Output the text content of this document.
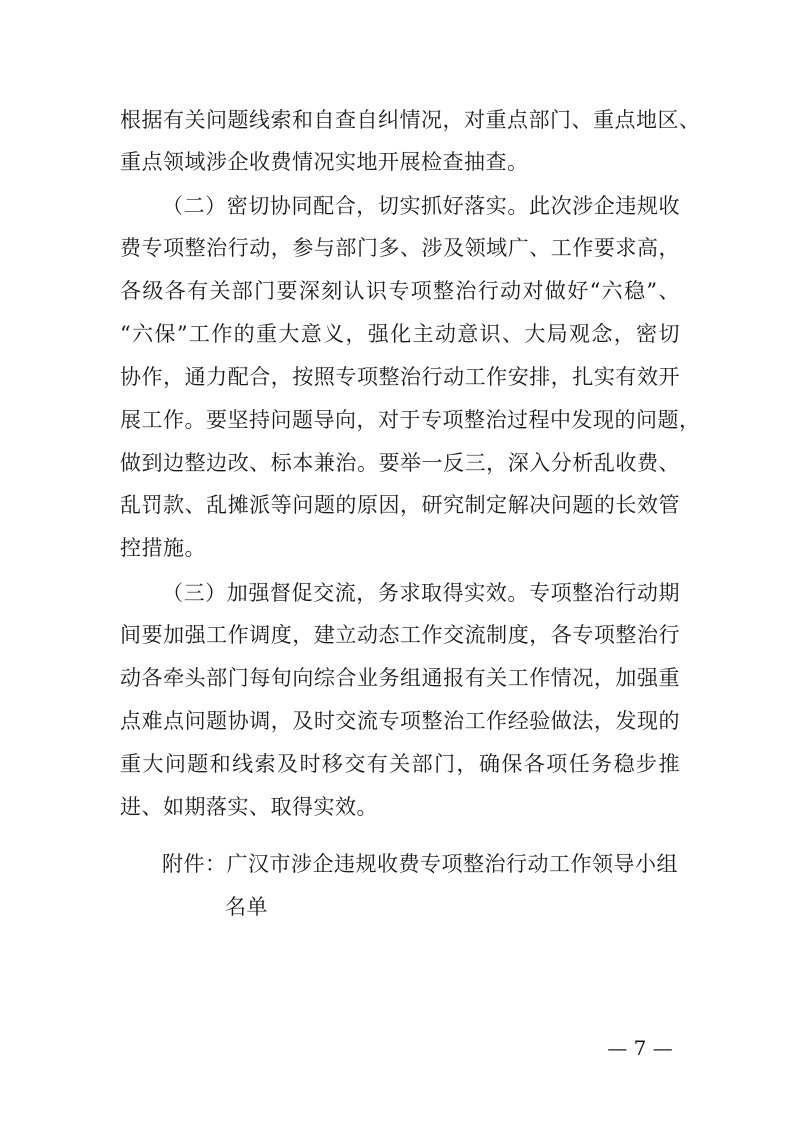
根据有关问题线索和自查自纠情况，对重点部门、重点地区、
重点领域涉企收费情况实地开展检查抽查。
（二）密切协同配合，切实抓好落实。此次涉企违规收
费专项整治行动，参与部门多、涉及领域广、工作要求高，
各级各有关部门要深刻认识专项整治行动对做好“六稳”、
“六保”工作的重大意义，强化主动意识、大局观念，密切
协作，通力配合，按照专项整治行动工作安排，扎实有效开
展工作。要坚持问题导向，对于专项整治过程中发现的问题，
做到边整边改、标本兼治。要举一反三，深入分析乱收费、
乱罚款、乱摊派等问题的原因，研究制定解决问题的长效管
控措施。
（三）加强督促交流，务求取得实效。专项整治行动期
间要加强工作调度，建立动态工作交流制度，各专项整治行
动各牵头部门每旬向综合业务组通报有关工作情况，加强重
点难点问题协调，及时交流专项整治工作经验做法，发现的
重大问题和线索及时移交有关部门，确保各项任务稳步推
进、如期落实、取得实效。
附件：广汉市涉企违规收费专项整治行动工作领导小组
名单
— 7 —
